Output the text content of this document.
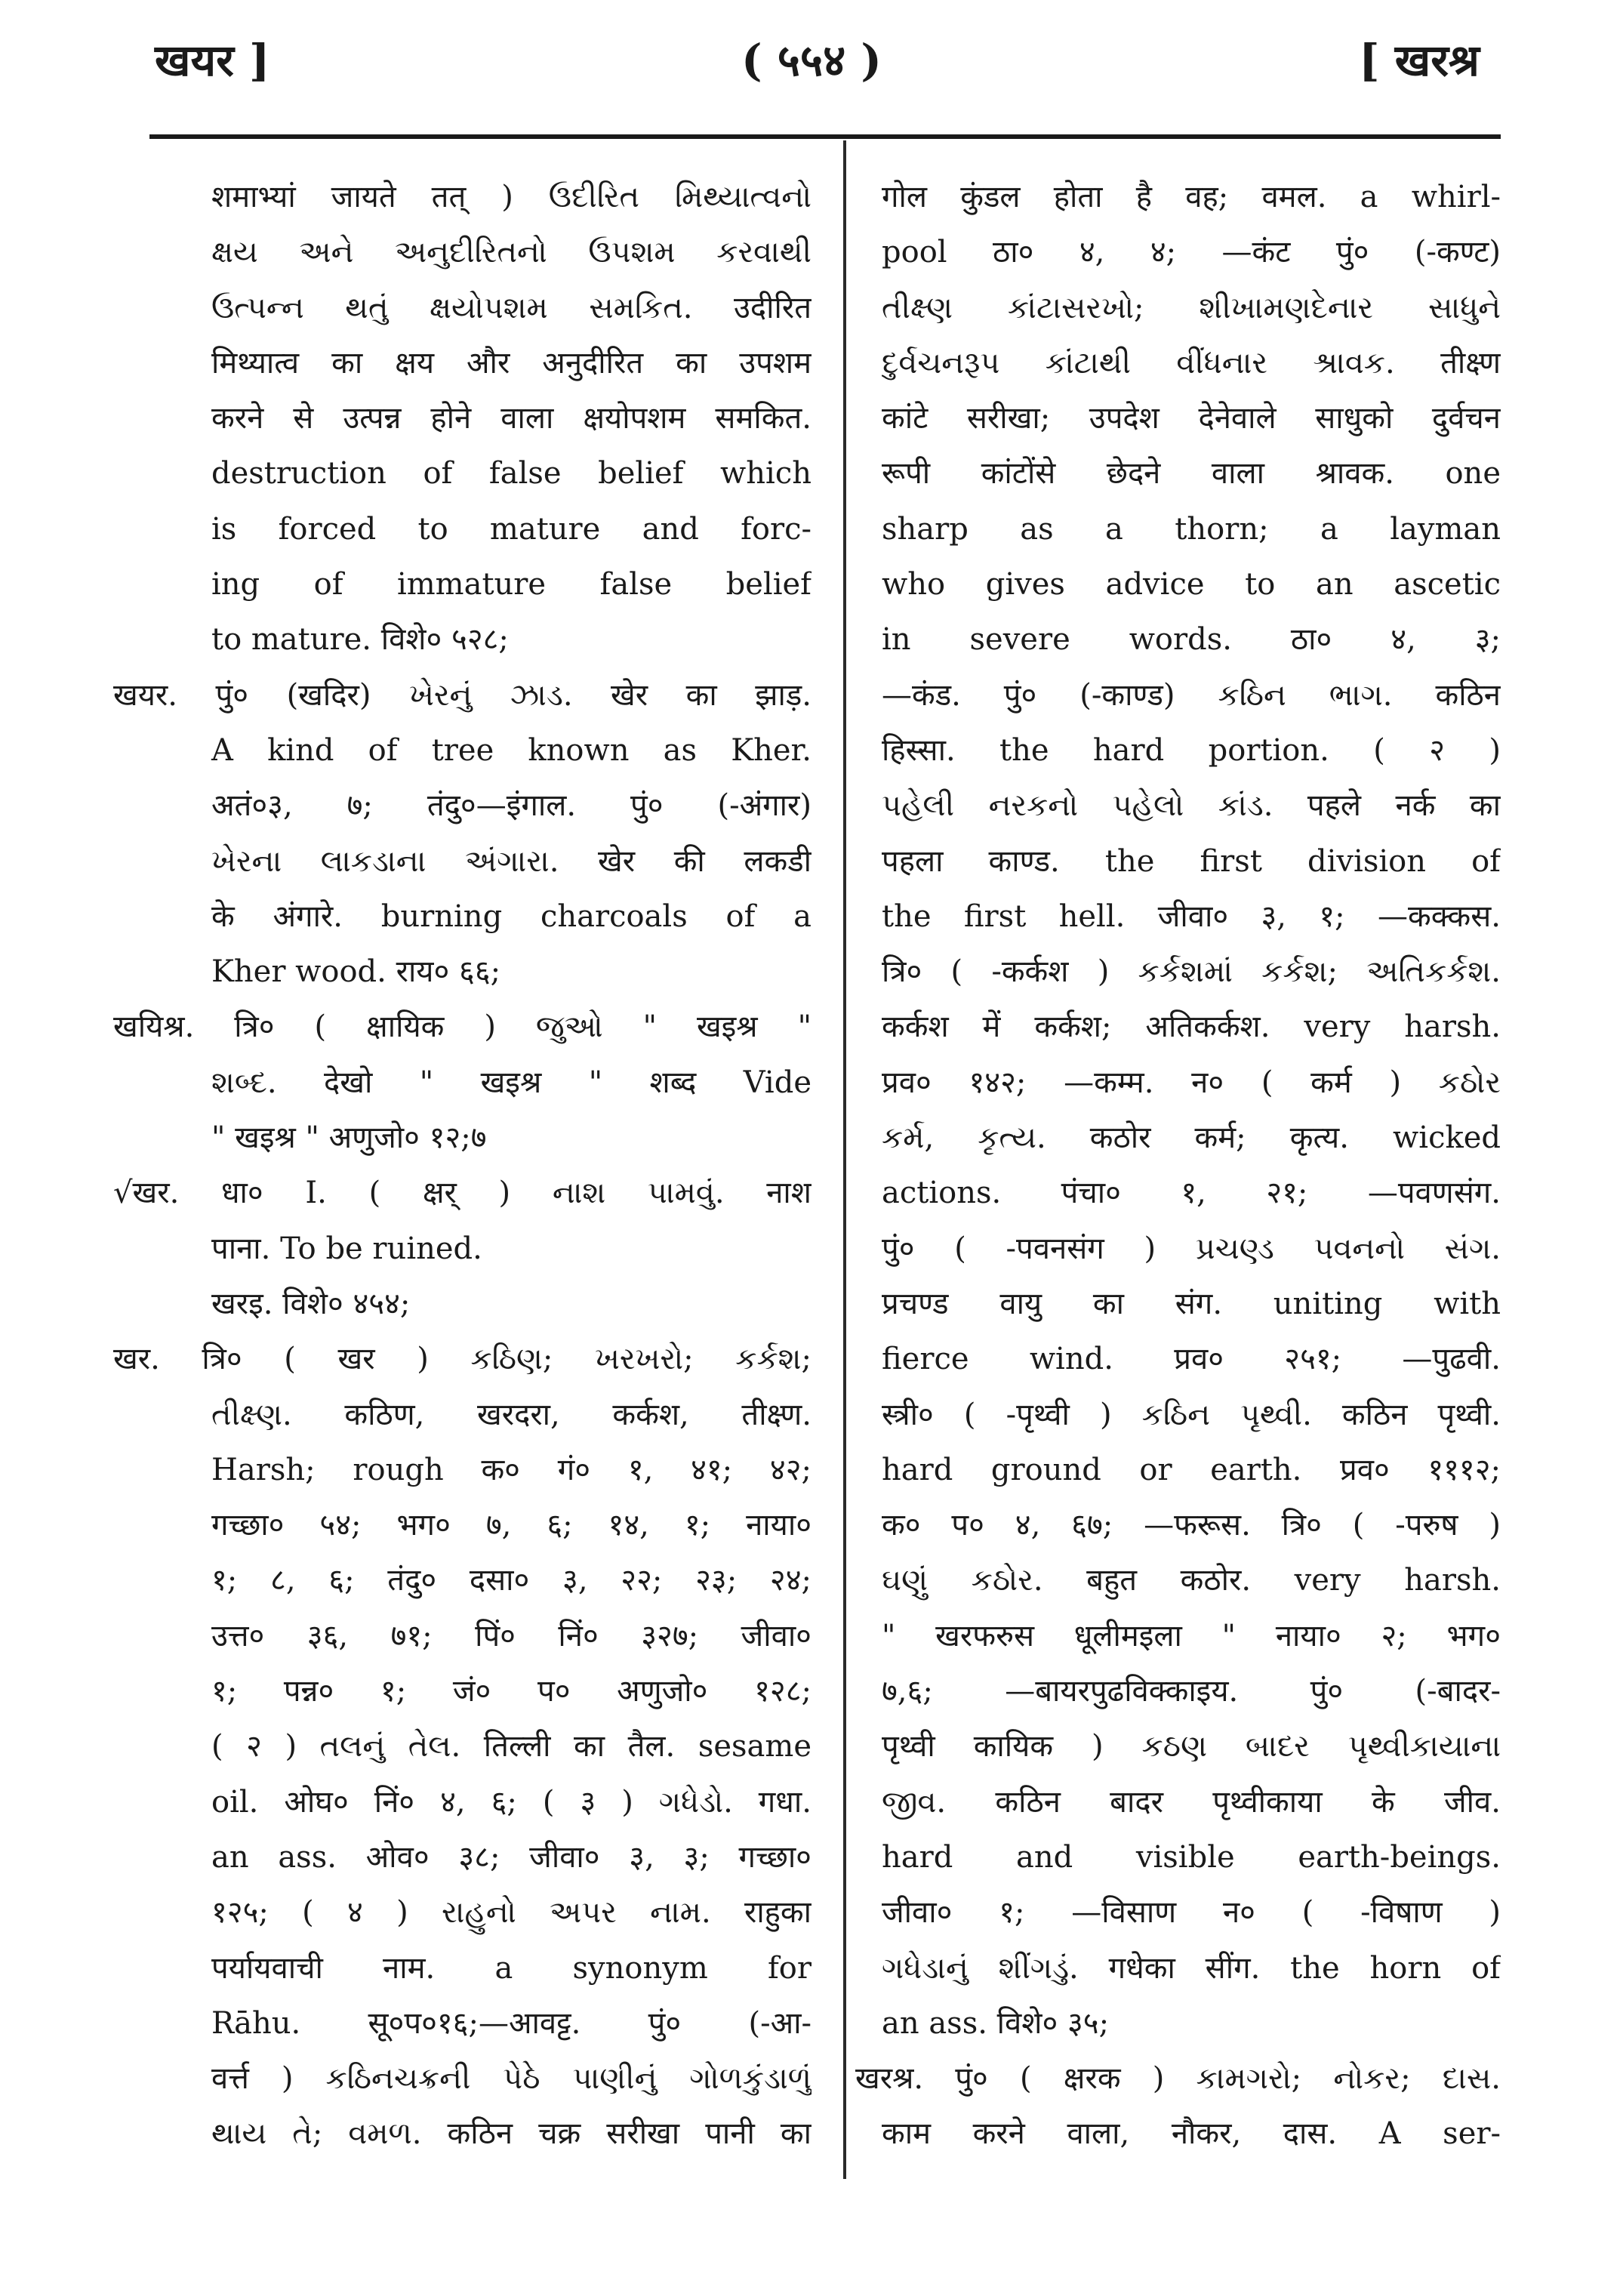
खयर ]	( ५५४ )	[ खरश्र
शमाभ्यां जायते तत् ) ઉદીરિત મિથ્યાત્વનો
ક્ષય અને અનુદીરિતનો ઉપશમ કરવાથી
ઉત્પન્ન થતું ક્ષયોપશમ સમકિત. उदीरित
मिथ्यात्व का क्षय और अनुदीरित का उपशम
करने से उत्पन्न होने वाला क्षयोपशम समकित.
destruction of false belief which
is forced to mature and forc-
ing of immature false belief
to mature. विशे० ५२८;
खयर. पुं० (खदिर) ખેરનું ઝાડ. खेर का झाड़.
A kind of tree known as Kher.
अतं०३, ७; तंदु०—इंगाल. पुं० (-अंगार)
ખેરના લાકડાના અંગારા. खेर की लकडी
के अंगारे. burning charcoals of a
Kher wood. राय० ६६;
खयिश्र. त्रि० ( क्षायिक ) જુઓ " खइश्र "
શબ્દ. देखो " खइश्र " शब्द Vide
" खइश्र " अणुजो० १२;७
√खर. धा० I. ( क्षर् ) નાશ પામવું. नाश
पाना. To be ruined.
खरइ. विशे० ४५४;
खर. त्रि० ( खर ) કઠિણ; ખરખરો; કર્કશ;
તીક્ષ્ણ. कठिण, खरदरा, कर्कश, तीक्ष्ण.
Harsh; rough क० गं० १, ४१; ४२;
गच्छा० ५४; भग० ७, ६; १४, १; नाया०
१; ८, ६; तंदु० दसा० ३, २२; २३; २४;
उत्त० ३६, ७१; पिं० निं० ३२७; जीवा०
१; पन्न० १; जं० प० अणुजो० १२८;
( २ ) તલનું તેલ. तिल्ली का तैल. sesame
oil. ओघ० निं० ४, ६; ( ३ ) ગધેડો. गधा.
an ass. ओव० ३८; जीवा० ३, ३; गच्छा०
१२५; ( ४ ) રાહુનો અપર નામ. राहुका
पर्यायवाची नाम. a synonym for
Rāhu. सू०प०१६;—आवट्ट. पुं० (-आ-
वर्त्त ) કઠિનચક્રની પેઠે પાણીનું ગોળકુંડાળું
થાય તે; વમળ. कठिन चक्र सरीखा पानी का
गोल कुंडल होता है वह; वमल. a whirl-
pool ठा० ४, ४; —कंट पुं० (-कण्ट)
તીક્ષ્ણ કાંટાસરખો; શીખામણદેનાર સાધુને
દુર્વચનરૂપ કાંટાથી વીંધનાર શ્રાવક. तीक्ष्ण
कांटे सरीखा; उपदेश देनेवाले साधुको दुर्वचन
रूपी कांटोंसे छेदने वाला श्रावक. one
sharp as a thorn; a layman
who gives advice to an ascetic
in severe words. ठा० ४, ३;
—कंड. पुं० (-काण्ड) કઠિન ભાગ. कठिन
हिस्सा. the hard portion. ( २ )
પહેલી નરકનો પહેલો કાંડ. पहले नर्क का
पहला काण्ड. the first division of
the first hell. जीवा० ३, १; —कक्कस.
त्रि० ( -कर्कश ) કર્કશમાં કર્કશ; અતિકર્કશ.
कर्कश में कर्कश; अतिकर्कश. very harsh.
प्रव० १४२; —कम्म. न० ( कर्म ) કઠોર
કર્મ, કૃત્ય. कठोर कर्म; कृत्य. wicked
actions. पंचा० १, २१; —पवणसंग.
पुं० ( -पवनसंग ) પ્રચણ્ડ પવનનો સંગ.
प्रचण्ड वायु का संग. uniting with
fierce wind. प्रव० २५१; —पुढवी.
स्त्री० ( -पृथ्वी ) કઠિન પૃથ્વી. कठिन पृथ्वी.
hard ground or earth. प्रव० १११२;
क० प० ४, ६७; —फरूस. त्रि० ( -परुष )
ઘણું કઠોર. बहुत कठोर. very harsh.
" खरफरुस धूलीमइला " नाया० २; भग०
७,६; —बायरपुढविक्काइय. पुं० (-बादर-
पृथ्वी कायिक ) કઠણ બાદર પૃથ્વીકાયાના
જીવ. कठिन बादर पृथ्वीकाया के जीव.
hard and visible earth-beings.
जीवा० १; —विसाण न० ( -विषाण )
ગધેડાનું શીંગડું. गधेका सींग. the horn of
an ass. विशे० ३५;
खरश्र. पुं० ( क्षरक ) કામગરો; નોકર; દાસ.
काम करने वाला, नौकर, दास. A ser-
